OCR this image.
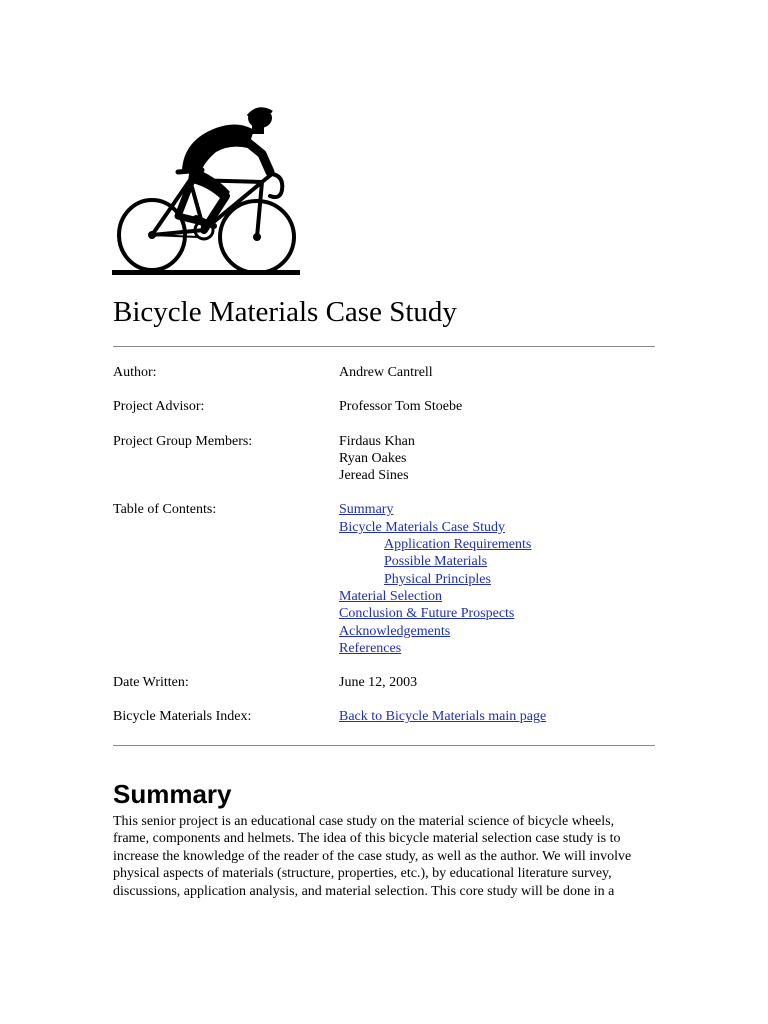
Bicycle Materials Case Study
Author:	Andrew Cantrell
Project Advisor:	Professor Tom Stoebe
Project Group Members:	Firdaus Khan
Ryan Oakes
Jeread Sines
Table of Contents:	Summary
Bicycle Materials Case Study
Application Requirements
Possible Materials
Physical Principles
Material Selection
Conclusion & Future Prospects
Acknowledgements
References
Date Written:	June 12, 2003
Bicycle Materials Index:	Back to Bicycle Materials main page
Summary

This senior project is an educational case study on the material science of bicycle wheels, frame, components and helmets. The idea of this bicycle material selection case study is to increase the knowledge of the reader of the case study, as well as the author. We will involve physical aspects of materials (structure, properties, etc.), by educational literature survey, discussions, application analysis, and material selection. This core study will be done in a
